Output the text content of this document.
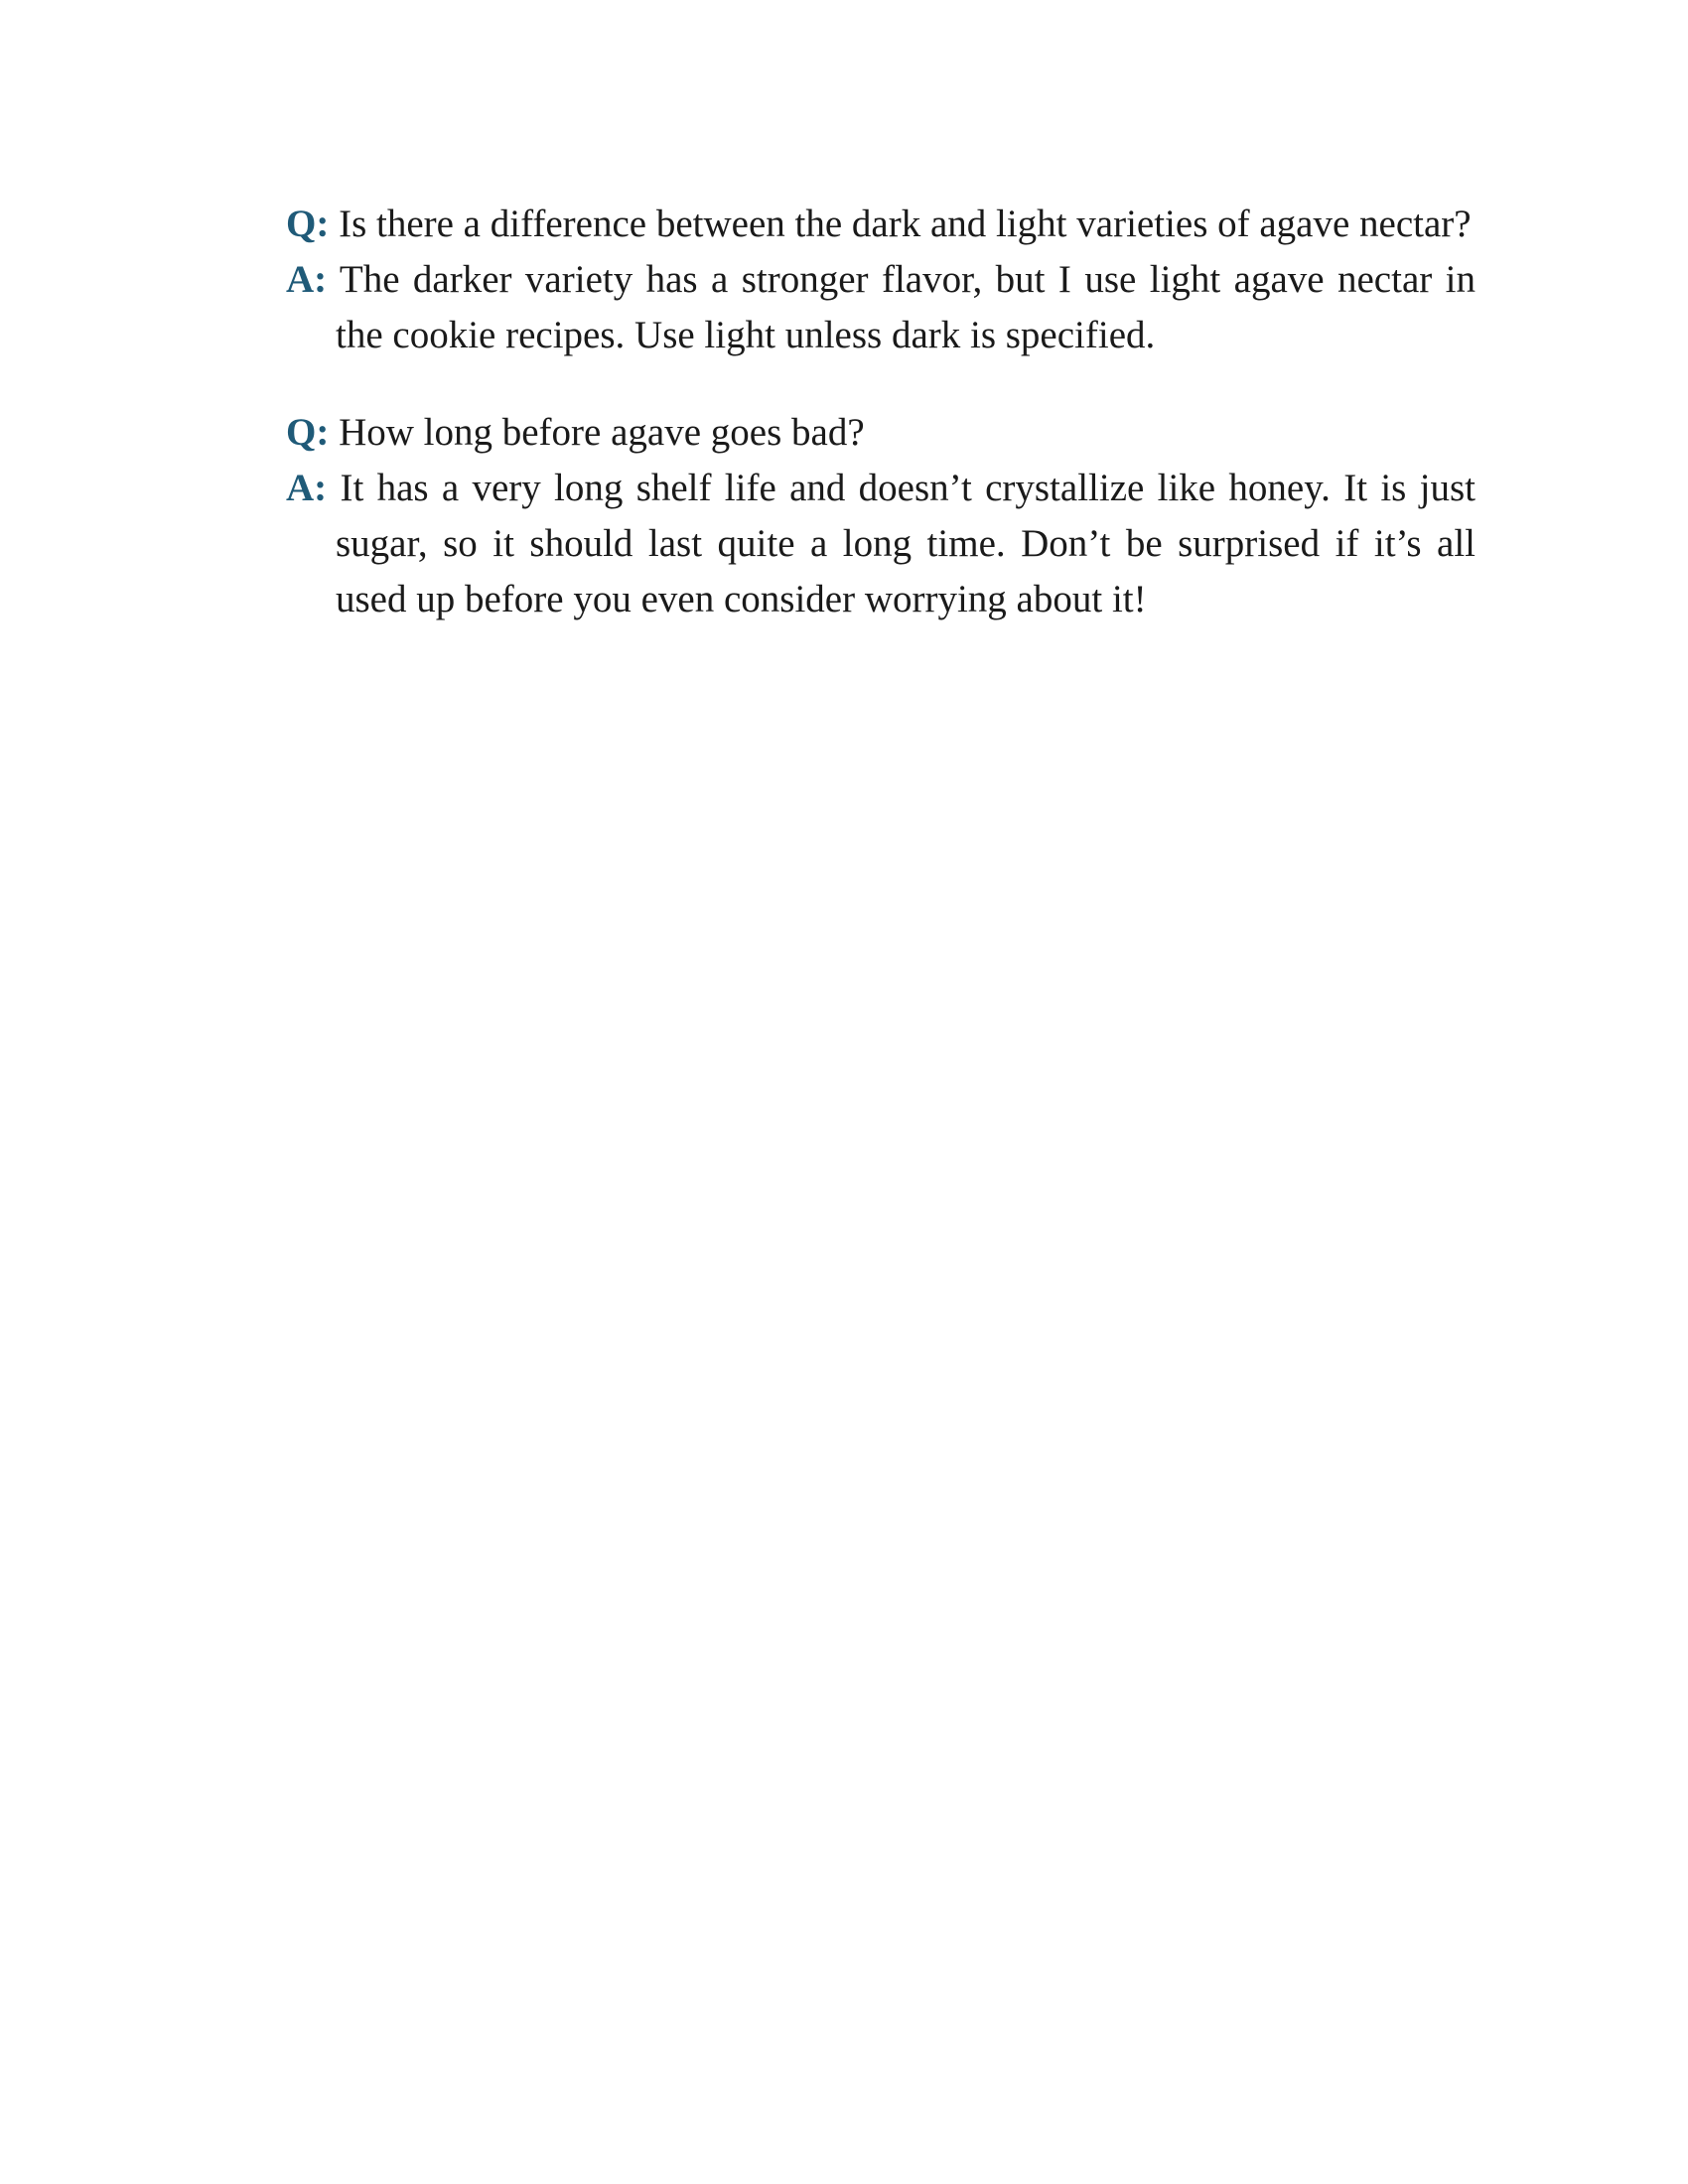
Q: Is there a difference between the dark and light varieties of agave nectar?

A: The darker variety has a stronger flavor, but I use light agave nectar in the cookie recipes. Use light unless dark is specified.

Q: How long before agave goes bad?

A: It has a very long shelf life and doesn’t crystallize like honey. It is just sugar, so it should last quite a long time. Don’t be surprised if it’s all used up before you even consider worrying about it!
